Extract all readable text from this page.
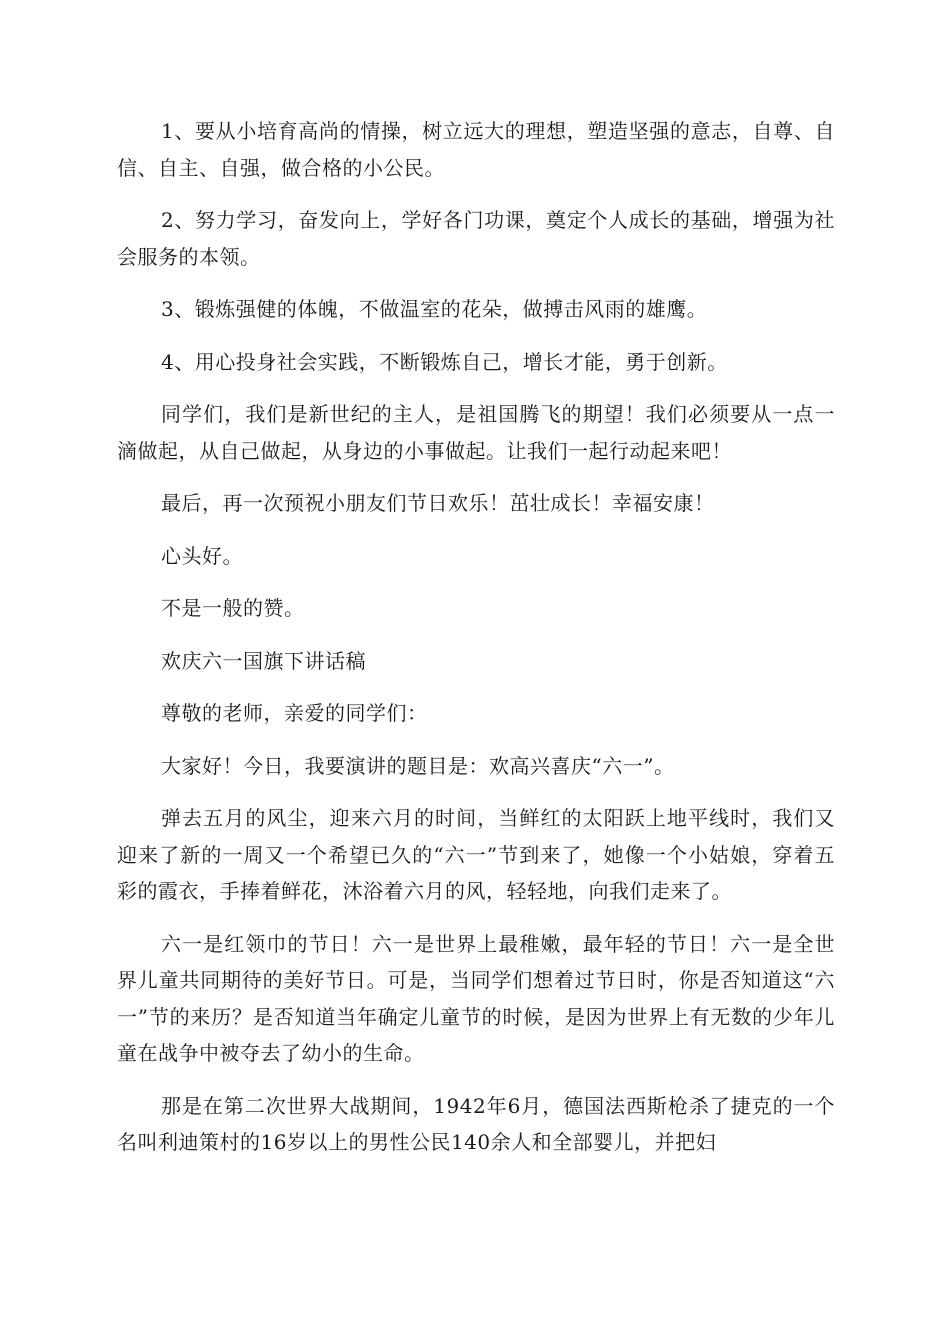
1、要从小培育高尚的情操，树立远大的理想，塑造坚强的意志，自尊、自信、自主、自强，做合格的小公民。

2、努力学习，奋发向上，学好各门功课，奠定个人成长的基础，增强为社会服务的本领。

3、锻炼强健的体魄，不做温室的花朵，做搏击风雨的雄鹰。

4、用心投身社会实践，不断锻炼自己，增长才能，勇于创新。

同学们，我们是新世纪的主人，是祖国腾飞的期望！我们必须要从一点一滴做起，从自己做起，从身边的小事做起。让我们一起行动起来吧！

最后，再一次预祝小朋友们节日欢乐！茁壮成长！幸福安康！

心头好。

不是一般的赞。

欢庆六一国旗下讲话稿

尊敬的老师，亲爱的同学们：

大家好！今日，我要演讲的题目是：欢高兴喜庆“六一”。

弹去五月的风尘，迎来六月的时间，当鲜红的太阳跃上地平线时，我们又迎来了新的一周又一个希望已久的“六一”节到来了，她像一个小姑娘，穿着五彩的霞衣，手捧着鲜花，沐浴着六月的风，轻轻地，向我们走来了。

六一是红领巾的节日！六一是世界上最稚嫩，最年轻的节日！六一是全世界儿童共同期待的美好节日。可是，当同学们想着过节日时，你是否知道这“六一”节的来历？是否知道当年确定儿童节的时候，是因为世界上有无数的少年儿童在战争中被夺去了幼小的生命。

那是在第二次世界大战期间，1942年6月，德国法西斯枪杀了捷克的一个名叫利迪策村的16岁以上的男性公民140余人和全部婴儿，并把妇
